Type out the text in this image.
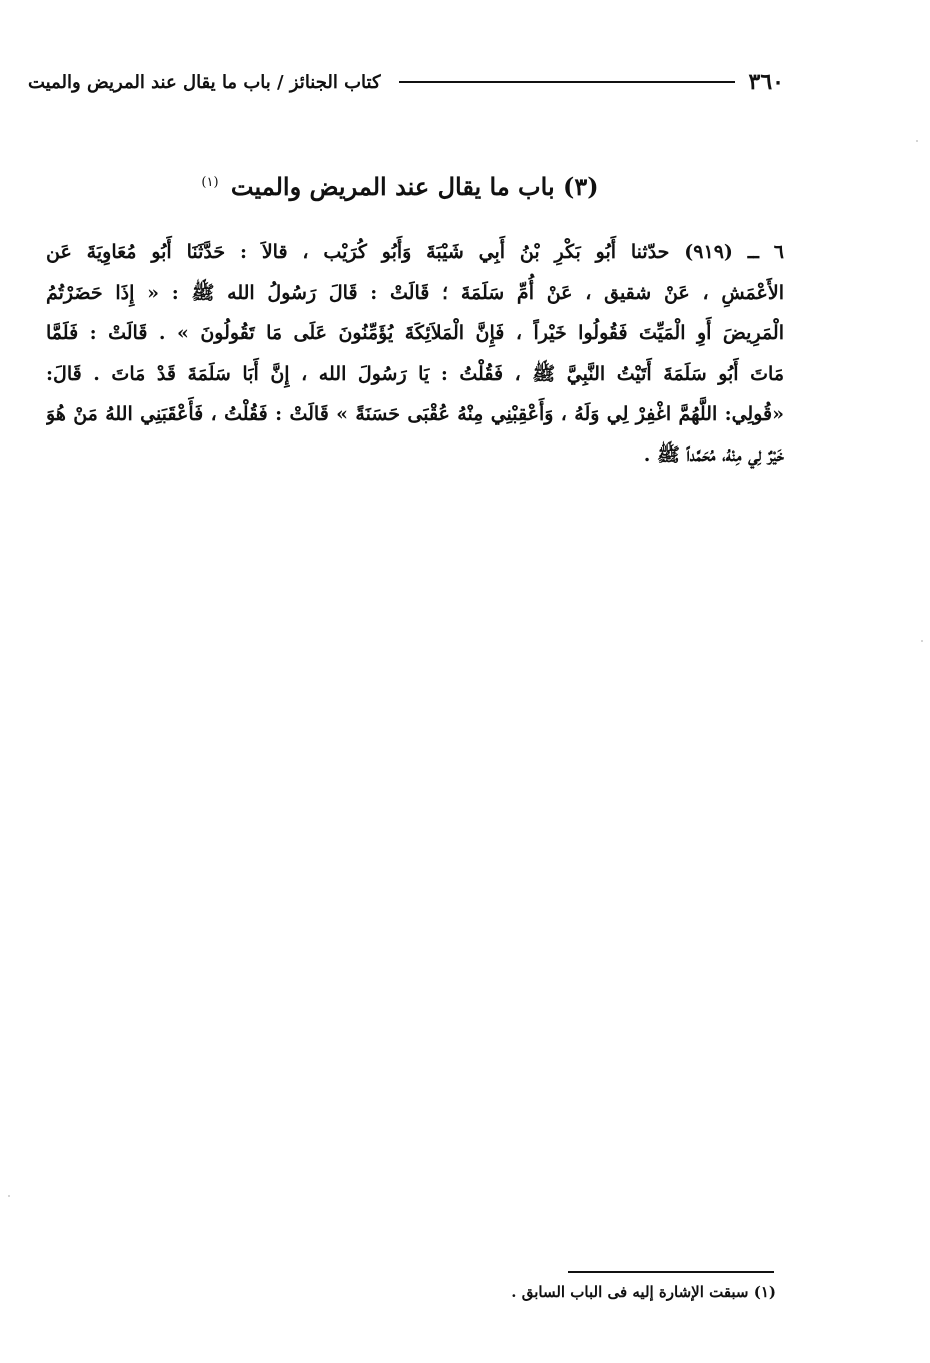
٣٦٠
كتاب الجنائز / باب ما يقال عند المريض والميت
(٣) باب ما يقال عند المريض والميت $^{(١)}$
٦ ــ (٩١٩) حدّثنا أَبُو بَكْرِ بْنُ أَبِي شَيْبَةَ وَأَبُو كُرَيْب ، قالاَ : حَدَّثَنَا أَبُو مُعَاوِيَةَ عَن
الأَعْمَشِ ، عَنْ شقيق ، عَنْ أُمِّ سَلَمَةَ ؛ قَالَتْ : قَالَ رَسُولُ الله ﷺ : « إِذَا حَضَرْتُمُ
الْمَرِيضَ أَوِ الْمَيِّتَ فَقُولُوا خَيْراً ، فَإِنَّ الْمَلاَئِكَةَ يُؤَمِّنُونَ عَلَى مَا تَقُولُونَ » . قَالَتْ : فَلَمَّا
مَاتَ أَبُو سَلَمَةَ أَتَيْتُ النَّبِيَّ ﷺ ، فَقُلْتُ : يَا رَسُولَ الله ، إِنَّ أَبَا سَلَمَةَ قَدْ مَاتَ . قَالَ:
«قُولِي: اللَّهُمَّ اغْفِرْ لِي وَلَهُ ، وَأَعْقِبْنِي مِنْهُ عُقْبَى حَسَنَةً » قَالَتْ : فَقُلْتُ ، فَأَعْقَبَنِي اللهُ مَنْ هُوَ
خَيْرٌ لِي مِنْهُ، مُحَمَّداً ﷺ .
(١) سبقت الإشارة إليه فى الباب السابق .
